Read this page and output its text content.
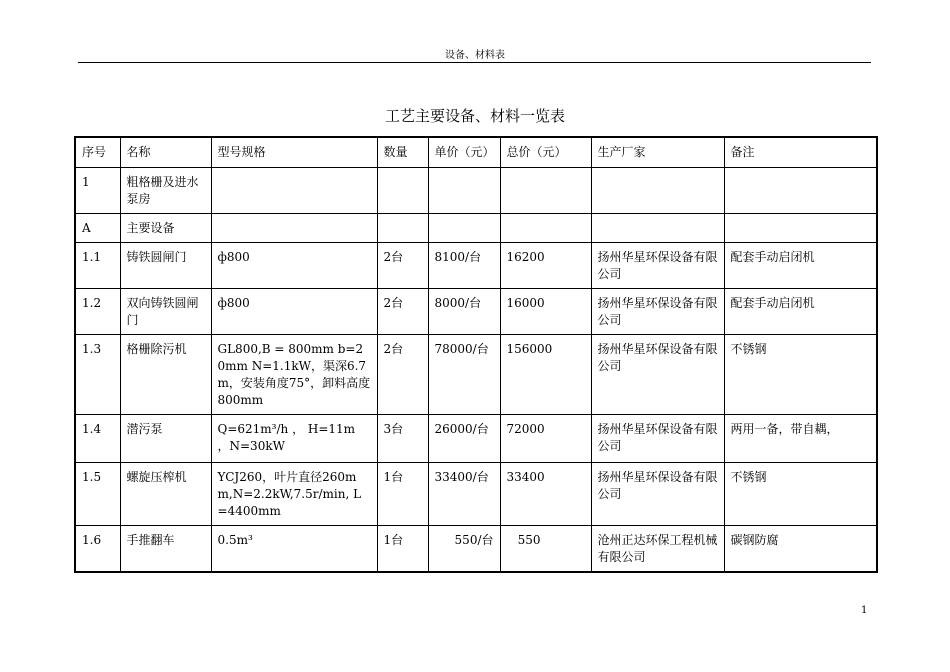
设备、材料表
工艺主要设备、材料一览表
序号	名称	型号规格	数量	单价（元）	总价（元）	生产厂家	备注
1	粗格栅及进水泵房						
A	主要设备						
1.1	铸铁圆闸门	ф800	2台	8100/台	16200	扬州华星环保设备有限公司	配套手动启闭机
1.2	双向铸铁圆闸门	ф800	2台	8000/台	16000	扬州华星环保设备有限公司	配套手动启闭机
1.3	格栅除污机	GL800,B = 800mm b=20mm N=1.1kW，渠深6.7m，安装角度75°，卸料高度800mm	2台	78000/台	156000	扬州华星环保设备有限公司	不锈钢
1.4	潜污泵	Q=621m³/h ， H=11m ，N=30kW	3台	26000/台	72000	扬州华星环保设备有限公司	两用一备，带自耦，
1.5	螺旋压榨机	YCJ260，叶片直径260mm,N=2.2kW,7.5r/min, L=4400mm	1台	33400/台	33400	扬州华星环保设备有限公司	不锈钢
1.6	手推翻车	0.5m³	1台	550/台	550	沧州正达环保工程机械有限公司	碳钢防腐
1
